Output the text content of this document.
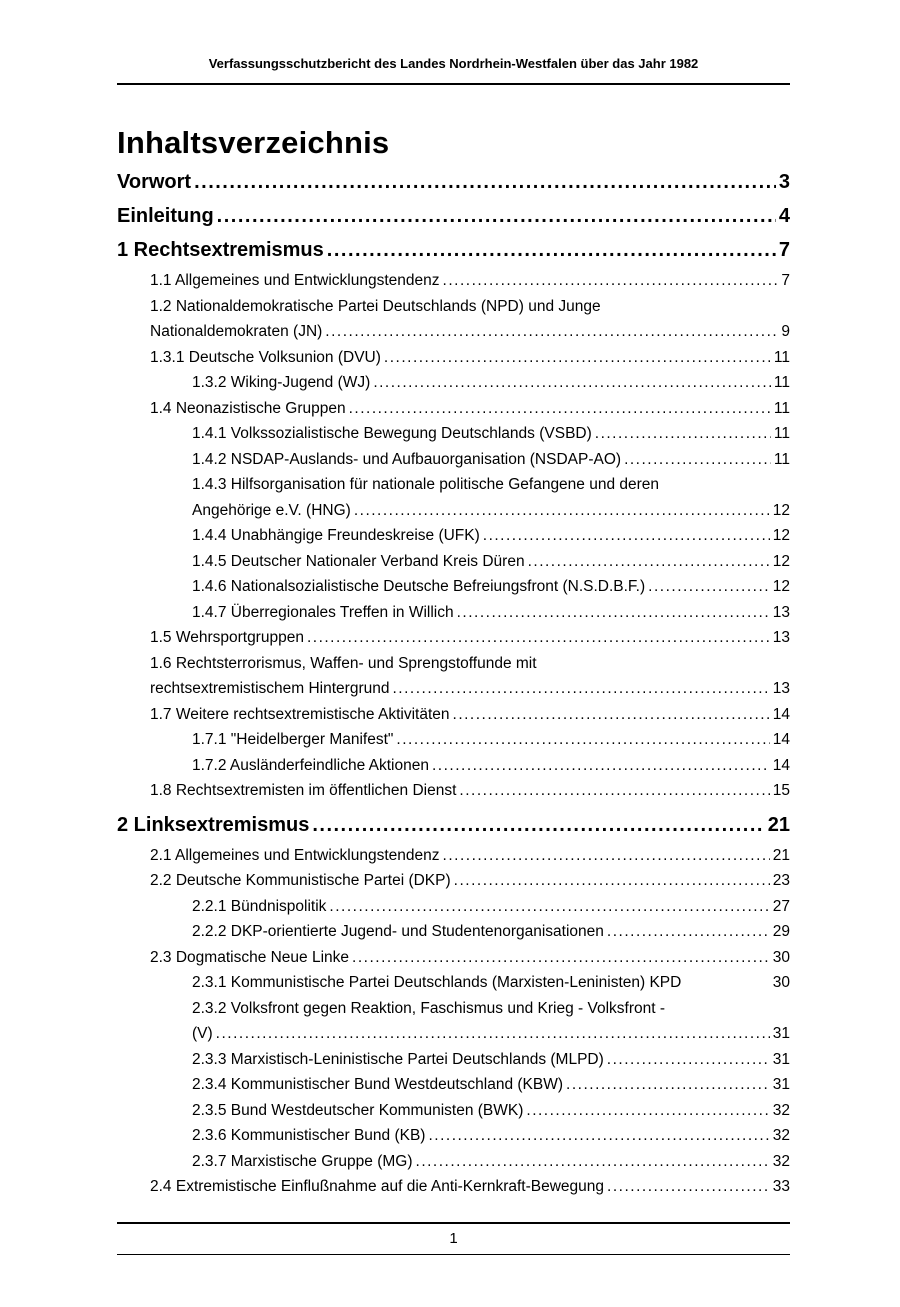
Verfassungsschutzbericht des Landes Nordrhein-Westfalen über das Jahr 1982
Inhaltsverzeichnis
Vorwort .....	3
Einleitung .....	4
1 Rechtsextremismus .....	7
1.1 Allgemeines und Entwicklungstendenz .....	7
1.2 Nationaldemokratische Partei Deutschlands (NPD) und Junge
Nationaldemokraten (JN) .....	9
1.3.1 Deutsche Volksunion (DVU) .....	11
1.3.2 Wiking-Jugend (WJ) .....	11
1.4 Neonazistische Gruppen .....	11
1.4.1 Volkssozialistische Bewegung Deutschlands (VSBD) .....	11
1.4.2 NSDAP-Auslands- und Aufbauorganisation (NSDAP-AO) .....	11
1.4.3 Hilfsorganisation für nationale politische Gefangene und deren
Angehörige e.V. (HNG) .....	12
1.4.4 Unabhängige Freundeskreise (UFK) .....	12
1.4.5 Deutscher Nationaler Verband Kreis Düren .....	12
1.4.6 Nationalsozialistische Deutsche Befreiungsfront (N.S.D.B.F.) .....	12
1.4.7 Überregionales Treffen in Willich .....	13
1.5 Wehrsportgruppen .....	13
1.6 Rechtsterrorismus, Waffen- und Sprengstoffunde mit
rechtsextremistischem Hintergrund .....	13
1.7 Weitere rechtsextremistische Aktivitäten .....	14
1.7.1 "Heidelberger Manifest" .....	14
1.7.2 Ausländerfeindliche Aktionen .....	14
1.8 Rechtsextremisten im öffentlichen Dienst .....	15
2 Linksextremismus .....	21
2.1 Allgemeines und Entwicklungstendenz .....	21
2.2 Deutsche Kommunistische Partei (DKP) .....	23
2.2.1 Bündnispolitik .....	27
2.2.2 DKP-orientierte Jugend- und Studentenorganisationen .....	29
2.3 Dogmatische Neue Linke .....	30
2.3.1 Kommunistische Partei Deutschlands (Marxisten-Leninisten) KPD	30
2.3.2 Volksfront gegen Reaktion, Faschismus und Krieg - Volksfront -
(V) .....	31
2.3.3 Marxistisch-Leninistische Partei Deutschlands (MLPD) .....	31
2.3.4 Kommunistischer Bund Westdeutschland (KBW) .....	31
2.3.5 Bund Westdeutscher Kommunisten (BWK) .....	32
2.3.6 Kommunistischer Bund (KB) .....	32
2.3.7 Marxistische Gruppe (MG) .....	32
2.4 Extremistische Einflußnahme auf die Anti-Kernkraft-Bewegung .....	33
1
